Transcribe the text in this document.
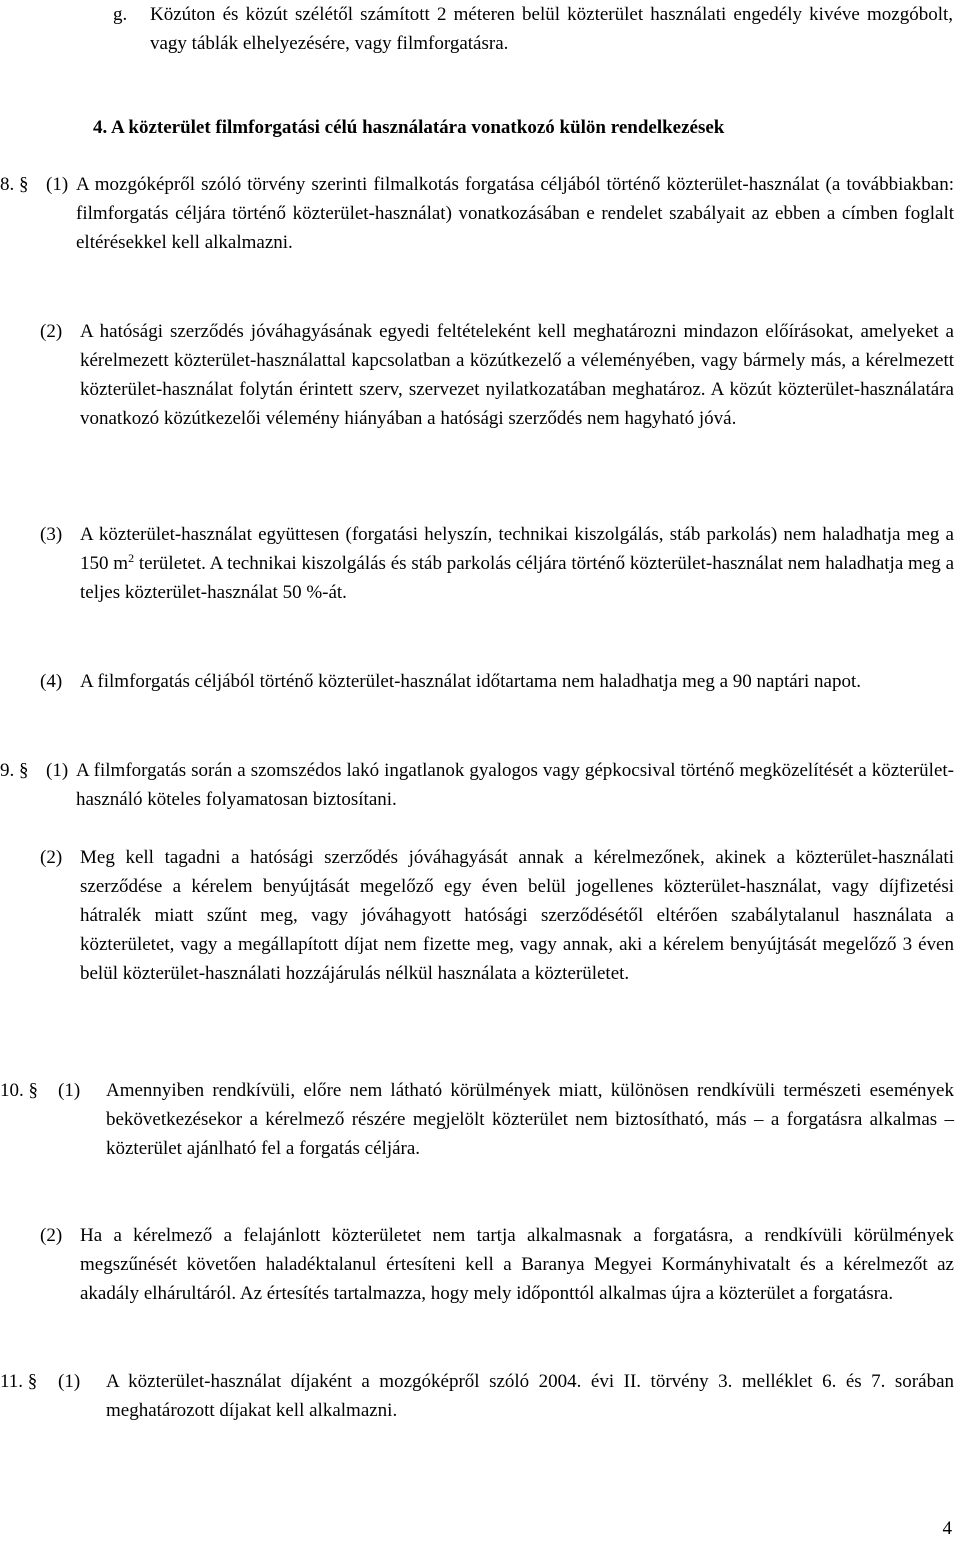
g. Közúton és közút szélétől számított 2 méteren belül közterület használati engedély kivéve mozgóbolt, vagy táblák elhelyezésére, vagy filmforgatásra.
4. A közterület filmforgatási célú használatára vonatkozó külön rendelkezések
8. § (1) A mozgóképről szóló törvény szerinti filmalkotás forgatása céljából történő közterület-használat (a továbbiakban: filmforgatás céljára történő közterület-használat) vonatkozásában e rendelet szabályait az ebben a címben foglalt eltérésekkel kell alkalmazni.
(2) A hatósági szerződés jóváhagyásának egyedi feltételeként kell meghatározni mindazon előírásokat, amelyeket a kérelmezett közterület-használattal kapcsolatban a közútkezelő a véleményében, vagy bármely más, a kérelmezett közterület-használat folytán érintett szerv, szervezet nyilatkozatában meghatároz. A közút közterület-használatára vonatkozó közútkezelői vélemény hiányában a hatósági szerződés nem hagyható jóvá.
(3) A közterület-használat együttesen (forgatási helyszín, technikai kiszolgálás, stáb parkolás) nem haladhatja meg a 150 $m^2$ területet. A technikai kiszolgálás és stáb parkolás céljára történő közterület-használat nem haladhatja meg a teljes közterület-használat 50 %-át.
(4) A filmforgatás céljából történő közterület-használat időtartama nem haladhatja meg a 90 naptári napot.
9. § (1) A filmforgatás során a szomszédos lakó ingatlanok gyalogos vagy gépkocsival történő megközelítését a közterület-használó köteles folyamatosan biztosítani.
(2) Meg kell tagadni a hatósági szerződés jóváhagyását annak a kérelmezőnek, akinek a közterület-használati szerződése a kérelem benyújtását megelőző egy éven belül jogellenes közterület-használat, vagy díjfizetési hátralék miatt szűnt meg, vagy jóváhagyott hatósági szerződésétől eltérően szabálytalanul használata a közterületet, vagy a megállapított díjat nem fizette meg, vagy annak, aki a kérelem benyújtását megelőző 3 éven belül közterület-használati hozzájárulás nélkül használata a közterületet.
10. § (1) Amennyiben rendkívüli, előre nem látható körülmények miatt, különösen rendkívüli természeti események bekövetkezésekor a kérelmező részére megjelölt közterület nem biztosítható, más – a forgatásra alkalmas – közterület ajánlható fel a forgatás céljára.
(2) Ha a kérelmező a felajánlott közterületet nem tartja alkalmasnak a forgatásra, a rendkívüli körülmények megszűnését követően haladéktalanul értesíteni kell a Baranya Megyei Kormányhivatalt és a kérelmezőt az akadály elhárultáról. Az értesítés tartalmazza, hogy mely időponttól alkalmas újra a közterület a forgatásra.
11. § (1) A közterület-használat díjaként a mozgóképről szóló 2004. évi II. törvény 3. melléklet 6. és 7. sorában meghatározott díjakat kell alkalmazni.
4
